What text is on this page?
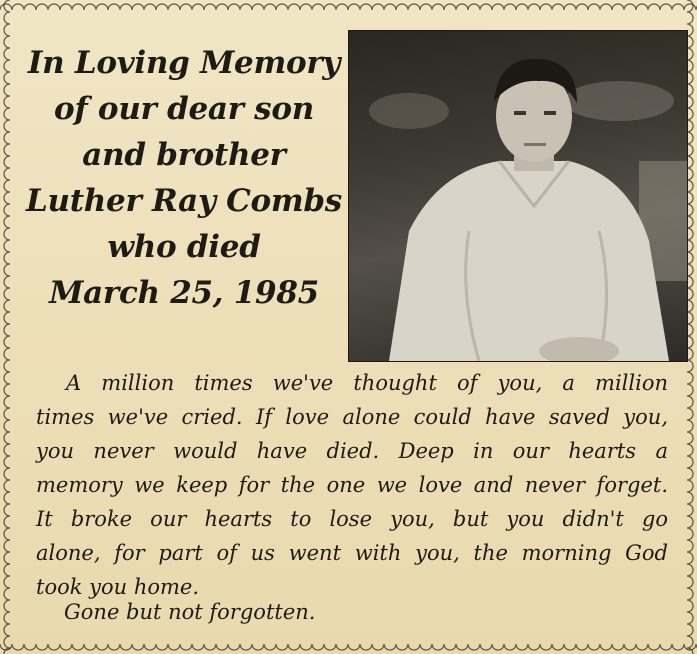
In Loving Memory
of our dear son
and brother
Luther Ray Combs
who died
March 25, 1985
A million times we've thought of you, a million
times we've cried. If love alone could have saved you,
you never would have died. Deep in our hearts a
memory we keep for the one we love and never forget.
It broke our hearts to lose you, but you didn't go
alone, for part of us went with you, the morning God
took you home.
Gone but not forgotten.
